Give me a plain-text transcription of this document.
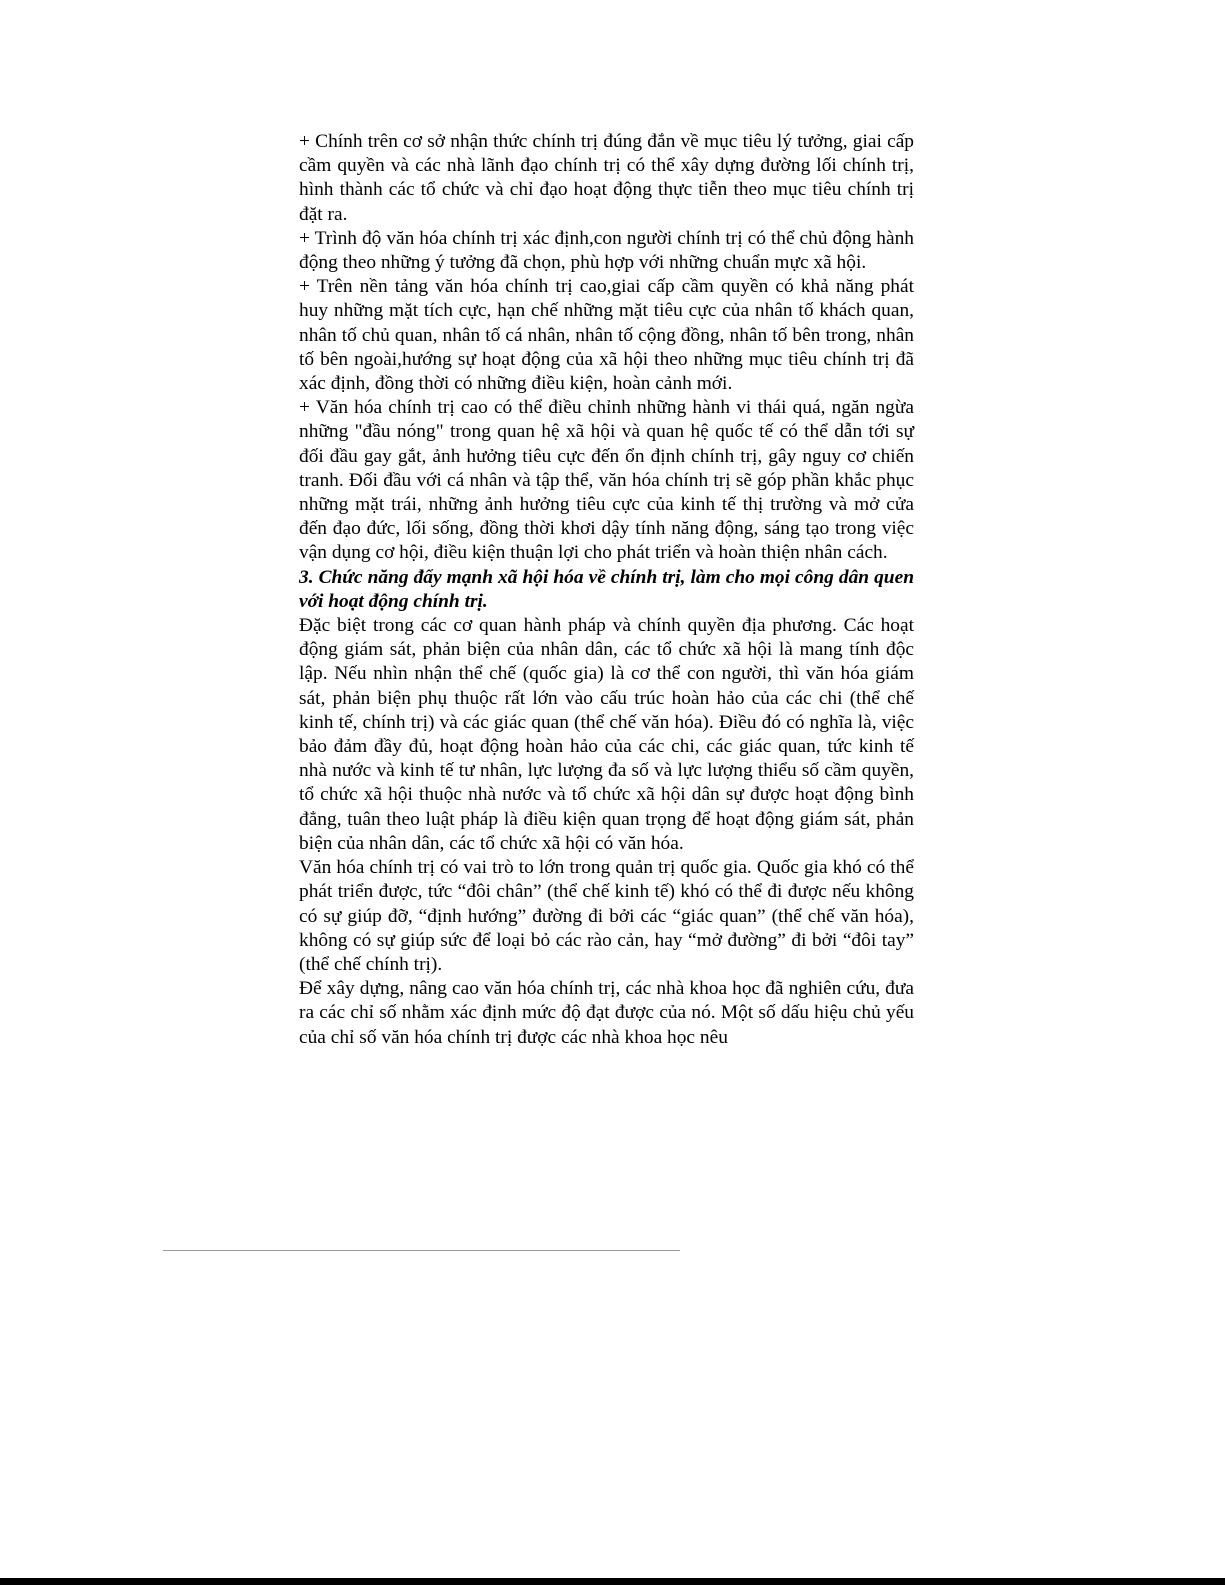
+ Chính trên cơ sở nhận thức chính trị đúng đắn về mục tiêu lý tưởng, giai cấp cầm quyền và các nhà lãnh đạo chính trị có thể xây dựng đường lối chính trị, hình thành các tổ chức và chỉ đạo hoạt động thực tiễn theo mục tiêu chính trị đặt ra.

+ Trình độ văn hóa chính trị xác định,con người chính trị có thể chủ động hành động theo những ý tưởng đã chọn, phù hợp với những chuẩn mực xã hội.

+ Trên nền tảng văn hóa chính trị cao,giai cấp cầm quyền có khả năng phát huy những mặt tích cực, hạn chế những mặt tiêu cực của nhân tố khách quan, nhân tố chủ quan, nhân tố cá nhân, nhân tố cộng đồng, nhân tố bên trong, nhân tố bên ngoài,hướng sự hoạt động của xã hội theo những mục tiêu chính trị đã xác định, đồng thời có những điều kiện, hoàn cảnh mới.

+ Văn hóa chính trị cao có thể điều chỉnh những hành vi thái quá, ngăn ngừa những "đầu nóng" trong quan hệ xã hội và quan hệ quốc tế có thể dẫn tới sự đối đầu gay gắt, ảnh hưởng tiêu cực đến ổn định chính trị, gây nguy cơ chiến tranh. Đối đầu với cá nhân và tập thể, văn hóa chính trị sẽ góp phần khắc phục những mặt trái, những ảnh hưởng tiêu cực của kinh tế thị trường và mở cửa đến đạo đức, lối sống, đồng thời khơi dậy tính năng động, sáng tạo trong việc vận dụng cơ hội, điều kiện thuận lợi cho phát triển và hoàn thiện nhân cách.

3. Chức năng đẩy mạnh xã hội hóa về chính trị, làm cho mọi công dân quen với hoạt động chính trị.

Đặc biệt trong các cơ quan hành pháp và chính quyền địa phương. Các hoạt động giám sát, phản biện của nhân dân, các tổ chức xã hội là mang tính độc lập. Nếu nhìn nhận thể chế (quốc gia) là cơ thể con người, thì văn hóa giám sát, phản biện phụ thuộc rất lớn vào cấu trúc hoàn hảo của các chi (thể chế kinh tế, chính trị) và các giác quan (thể chế văn hóa). Điều đó có nghĩa là, việc bảo đảm đầy đủ, hoạt động hoàn hảo của các chi, các giác quan, tức kinh tế nhà nước và kinh tế tư nhân, lực lượng đa số và lực lượng thiểu số cầm quyền, tổ chức xã hội thuộc nhà nước và tổ chức xã hội dân sự được hoạt động bình đẳng, tuân theo luật pháp là điều kiện quan trọng để hoạt động giám sát, phản biện của nhân dân, các tổ chức xã hội có văn hóa.

Văn hóa chính trị có vai trò to lớn trong quản trị quốc gia. Quốc gia khó có thể phát triển được, tức “đôi chân” (thể chế kinh tế) khó có thể đi được nếu không có sự giúp đỡ, “định hướng” đường đi bởi các “giác quan” (thể chế văn hóa), không có sự giúp sức để loại bỏ các rào cản, hay “mở đường” đi bởi “đôi tay” (thể chế chính trị).

Để xây dựng, nâng cao văn hóa chính trị, các nhà khoa học đã nghiên cứu, đưa ra các chỉ số nhằm xác định mức độ đạt được của nó. Một số dấu hiệu chủ yếu của chỉ số văn hóa chính trị được các nhà khoa học nêu
